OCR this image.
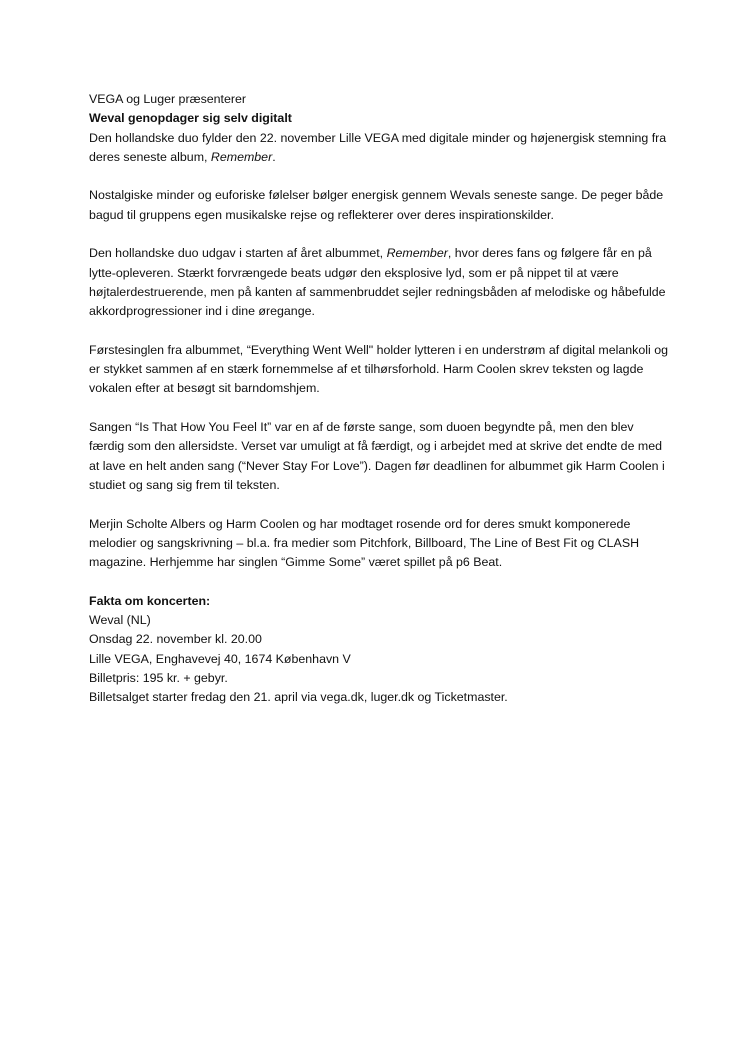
VEGA og Luger præsenterer

Weval genopdager sig selv digitalt

Den hollandske duo fylder den 22. november Lille VEGA med digitale minder og højenergisk stemning fra deres seneste album, Remember.

Nostalgiske minder og euforiske følelser bølger energisk gennem Wevals seneste sange. De peger både bagud til gruppens egen musikalske rejse og reflekterer over deres inspirationskilder.

Den hollandske duo udgav i starten af året albummet, Remember, hvor deres fans og følgere får en på lytte-opleveren. Stærkt forvrængede beats udgør den eksplosive lyd, som er på nippet til at være højtalerdestruerende, men på kanten af sammenbruddet sejler redningsbåden af melodiske og håbefulde akkordprogressioner ind i dine øregange.

Førstesinglen fra albummet, “Everything Went Well" holder lytteren i en understrøm af digital melankoli og er stykket sammen af en stærk fornemmelse af et tilhørsforhold. Harm Coolen skrev teksten og lagde vokalen efter at besøgt sit barndomshjem.

Sangen “Is That How You Feel It” var en af de første sange, som duoen begyndte på, men den blev færdig som den allersidste. Verset var umuligt at få færdigt, og i arbejdet med at skrive det endte de med at lave en helt anden sang (“Never Stay For Love”). Dagen før deadlinen for albummet gik Harm Coolen i studiet og sang sig frem til teksten.

Merjin Scholte Albers og Harm Coolen og har modtaget rosende ord for deres smukt komponerede melodier og sangskrivning – bl.a. fra medier som Pitchfork, Billboard, The Line of Best Fit og CLASH magazine. Herhjemme har singlen “Gimme Some” været spillet på p6 Beat.

Fakta om koncerten:

Weval (NL)

Onsdag 22. november kl. 20.00

Lille VEGA, Enghavevej 40, 1674 København V

Billetpris: 195 kr. + gebyr.

Billetsalget starter fredag den 21. april via vega.dk, luger.dk og Ticketmaster.
